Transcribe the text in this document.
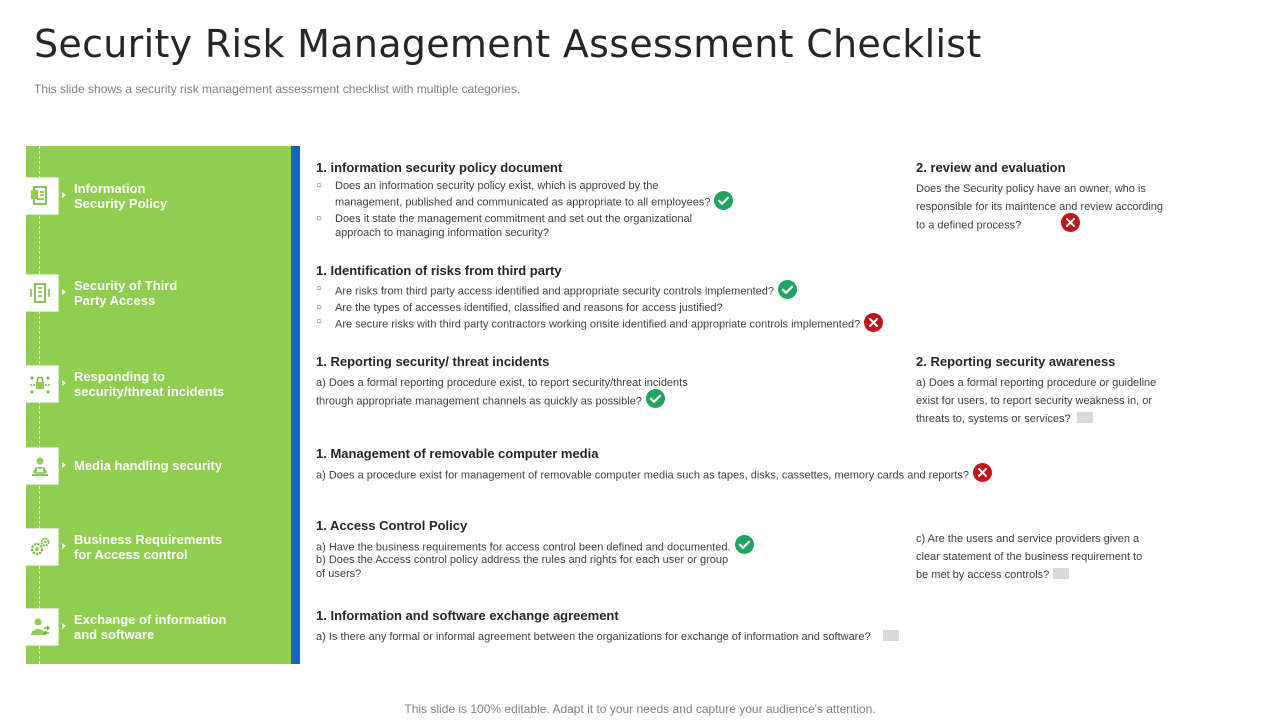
Security Risk Management Assessment Checklist
This slide shows a security risk management assessment checklist with multiple categories.
Information
Security Policy
Security of Third
Party Access
Responding to
security/threat incidents
Media handling security
Business Requirements
for Access control
Exchange of information
and software
1. information security policy document
○ Does an information security policy exist, which is approved by the
management, published and communicated as appropriate to all employees?
○ Does it state the management commitment and set out the organizational
approach to managing information security?
2. review and evaluation
Does the Security policy have an owner, who is
responsible for its maintence and review according
to a defined process?
1. Identification of risks from third party
○ Are risks from third party access identified and appropriate security controls implemented?
○ Are the types of accesses identified, classified and reasons for access justified?
○ Are secure risks with third party contractors working onsite identified and appropriate controls implemented?
1. Reporting security/ threat incidents
a) Does a formal reporting procedure exist, to report security/threat incidents
through appropriate management channels as quickly as possible?
2. Reporting security awareness
a) Does a formal reporting procedure or guideline
exist for users, to report security weakness in, or
threats to, systems or services?
1. Management of removable computer media
a) Does a procedure exist for management of removable computer media such as tapes, disks, cassettes, memory cards and reports?
1. Access Control Policy
a) Have the business requirements for access control been defined and documented.
b) Does the Access control policy address the rules and rights for each user or group
of users?
c) Are the users and service providers given a
clear statement of the business requirement to
be met by access controls?
1. Information and software exchange agreement
a) Is there any formal or informal agreement between the organizations for exchange of information and software?
This slide is 100% editable. Adapt it to your needs and capture your audience's attention.
